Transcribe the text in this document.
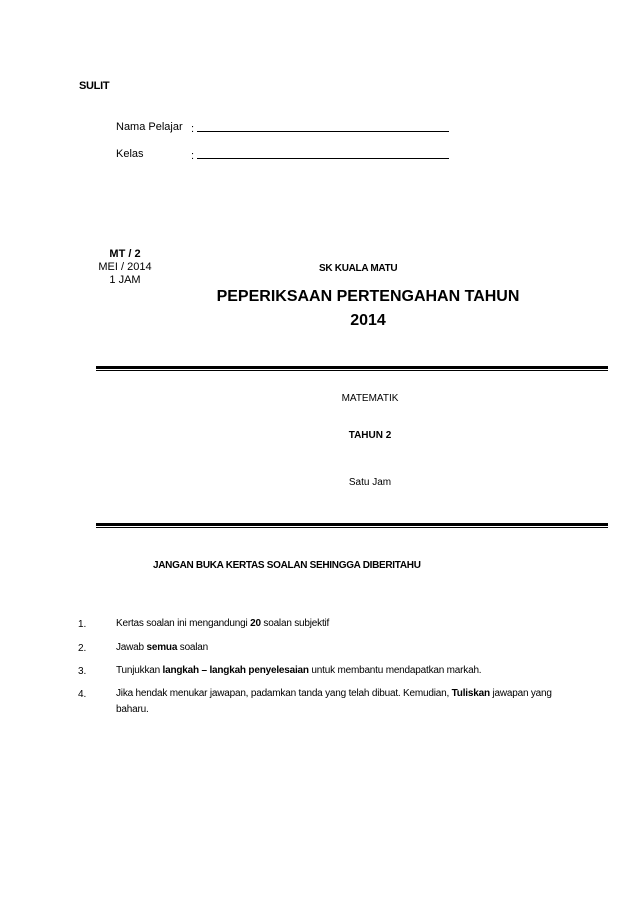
SULIT
Nama Pelajar :
Kelas	:
MT / 2
MEI / 2014
1 JAM
SK KUALA MATU
PEPERIKSAAN PERTENGAHAN TAHUN
2014
MATEMATIK
TAHUN 2
Satu Jam
JANGAN BUKA KERTAS SOALAN SEHINGGA DIBERITAHU
1.	Kertas soalan ini mengandungi 20 soalan subjektif
2.	Jawab semua soalan
3.	Tunjukkan langkah – langkah penyelesaian untuk membantu mendapatkan markah.
4.	Jika hendak menukar jawapan, padamkan tanda yang telah dibuat. Kemudian, Tuliskan jawapan yang baharu.
